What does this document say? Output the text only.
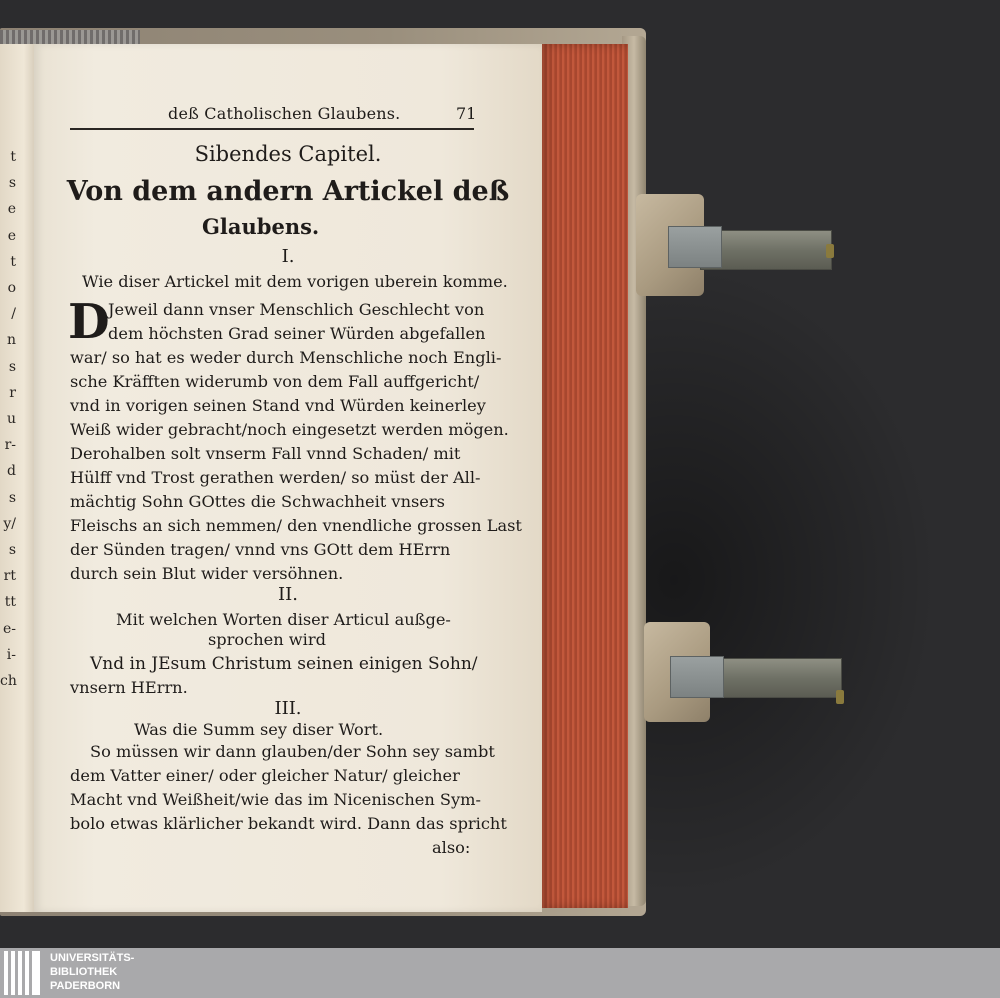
t
s
e
e
t
o
/
n
s
r
u
r-
d
s
y/
s
rt
tt
e-
i-
ch
deß Catholischen Glaubens.	71
Sibendes Capitel.
Von dem andern Artickel deß
Glaubens.
I.
Wie diser Artickel mit dem vorigen uberein komme.
D
Jeweil dann vnser Menschlich Geschlecht von
dem höchsten Grad seiner Würden abgefallen
war/ so hat es weder durch Menschliche noch Engli-
sche Kräfften widerumb von dem Fall auffgericht/
vnd in vorigen seinen Stand vnd Würden keinerley
Weiß wider gebracht/noch eingesetzt werden mögen.
Derohalben solt vnserm Fall vnnd Schaden/ mit
Hülff vnd Trost gerathen werden/ so müst der All-
mächtig Sohn GOttes die Schwachheit vnsers
Fleischs an sich nemmen/ den vnendliche grossen Last
der Sünden tragen/ vnnd vns GOtt dem HErrn
durch sein Blut wider versöhnen.
II.
Mit welchen Worten diser Articul außge-
sprochen wird
Vnd in JEsum Christum seinen einigen Sohn/
vnsern HErrn.
III.
Was die Summ sey diser Wort.
So müssen wir dann glauben/der Sohn sey sambt
dem Vatter einer/ oder gleicher Natur/ gleicher
Macht vnd Weißheit/wie das im Nicenischen Sym-
bolo etwas klärlicher bekandt wird. Dann das spricht
also:
UNIVERSITÄTS-
BIBLIOTHEK
PADERBORN
